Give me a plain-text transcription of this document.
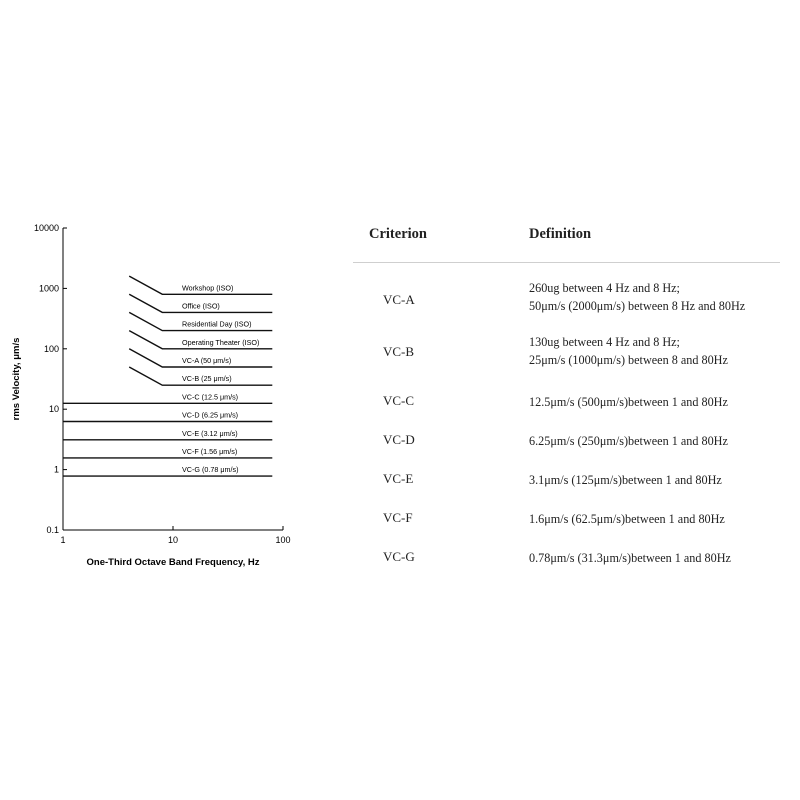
One-Third Octave Band Frequency, Hz
rms Velocity, μm/s
10000
1000
100
10
1
0.1
1	10	100
Workshop (ISO)
Office (ISO)
Residential Day (ISO)
Operating Theater (ISO)
VC-A (50 μm/s)
VC-B (25 μm/s)
VC-C (12.5 μm/s)
VC-D (6.25 μm/s)
VC-E (3.12 μm/s)
VC-F (1.56 μm/s)
VC-G (0.78 μm/s)
Criterion	Definition
VC-A
260ug between 4 Hz and 8 Hz;
50μm/s (2000μm/s) between 8 Hz and 80Hz
VC-B
130ug between 4 Hz and 8 Hz;
25μm/s (1000μm/s) between 8 and 80Hz
VC-C	12.5μm/s (500μm/s)between 1 and 80Hz
VC-D	6.25μm/s (250μm/s)between 1 and 80Hz
VC-E	3.1μm/s (125μm/s)between 1 and 80Hz
VC-F	1.6μm/s (62.5μm/s)between 1 and 80Hz
VC-G	0.78μm/s (31.3μm/s)between 1 and 80Hz
